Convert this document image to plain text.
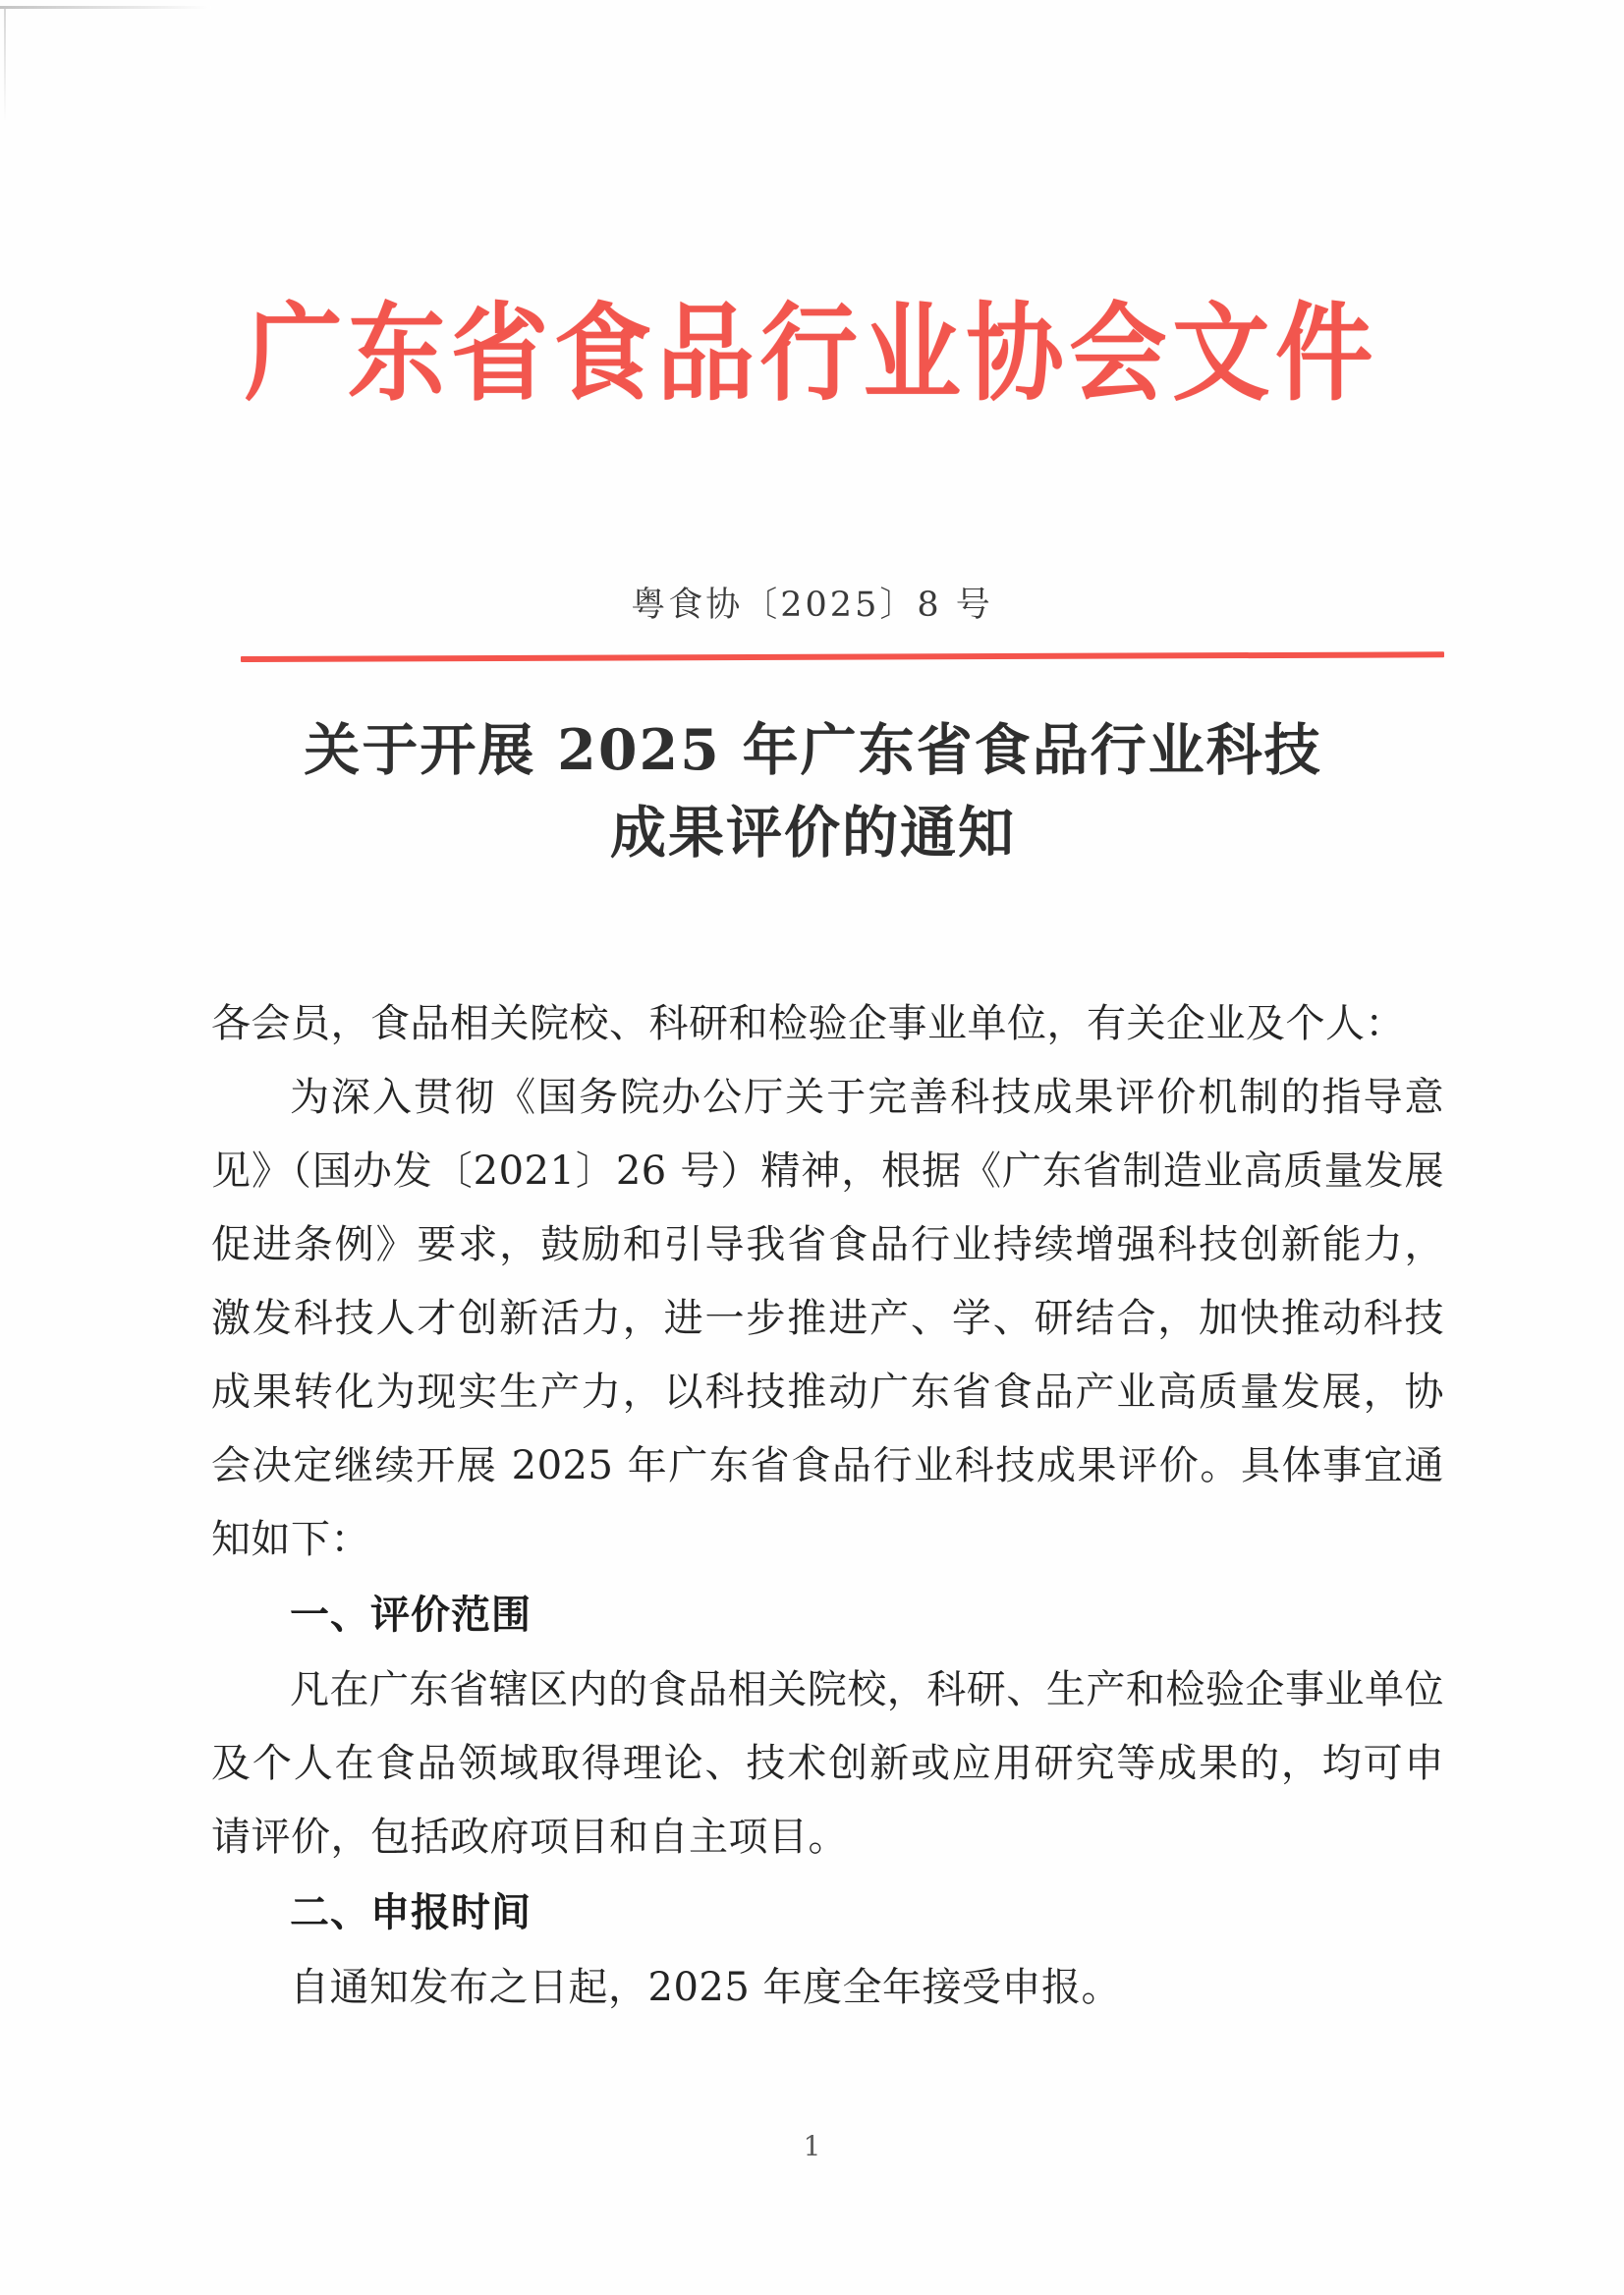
广东省食品行业协会文件
粤食协〔2025〕8 号
关于开展 2025 年广东省食品行业科技
成果评价的通知

各会员，食品相关院校、科研和检验企事业单位，有关企业及个人：

为深入贯彻《国务院办公厅关于完善科技成果评价机制的指导意见》（国办发〔2021〕26 号）精神，根据《广东省制造业高质量发展促进条例》要求，鼓励和引导我省食品行业持续增强科技创新能力，激发科技人才创新活力，进一步推进产、学、研结合，加快推动科技成果转化为现实生产力，以科技推动广东省食品产业高质量发展，协会决定继续开展 2025 年广东省食品行业科技成果评价。具体事宜通知如下：

一、评价范围

凡在广东省辖区内的食品相关院校，科研、生产和检验企事业单位及个人在食品领域取得理论、技术创新或应用研究等成果的，均可申请评价，包括政府项目和自主项目。

二、申报时间

自通知发布之日起，2025 年度全年接受申报。

1
